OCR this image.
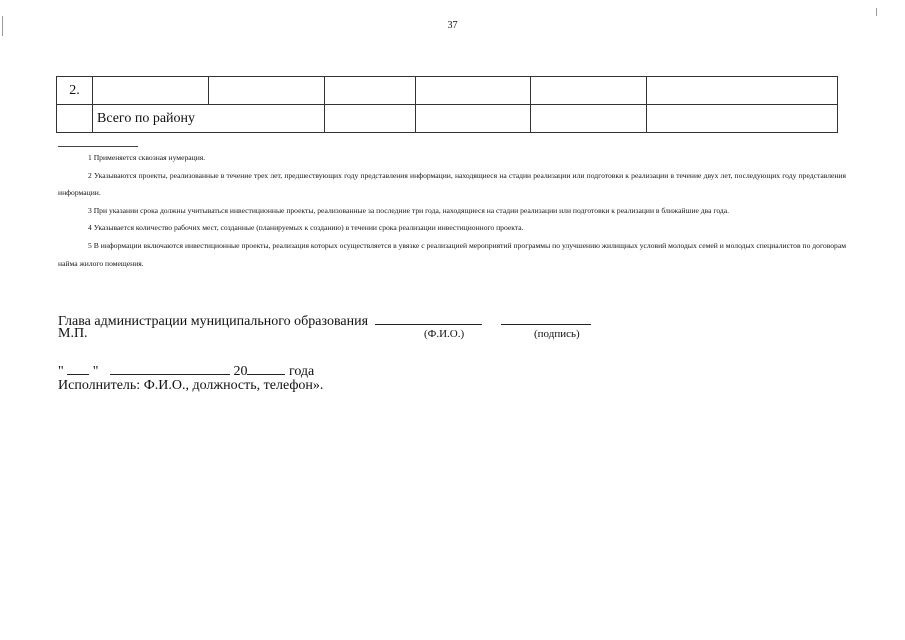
37
2.						
	Всего по району					

1 Применяется сквозная нумерация.

2 Указываются проекты, реализованные в течение трех лет, предшествующих году представления информации, находящиеся на стадии реализации или подготовки к реализации в течение двух лет, последующих году представления информации.

3 При указании срока должны учитываться инвестиционные проекты, реализованные за последние три года, находящиеся на стадии реализации или подготовки к реализации в ближайшие два года.

4 Указывается количество рабочих мест, созданные (планируемых к созданию) в течении срока реализации инвестиционного проекта.

5 В информации включаются инвестиционные проекты, реализация которых осуществляется в увязке с реализацией мероприятий программы по улучшению жилищных условий молодых семей и молодых специалистов по договорам найма жилого помещения.

Глава администрации муниципального образования
М.П.	(Ф.И.О.)	(подпись)
" "	20	года
Исполнитель: Ф.И.О., должность, телефон».
